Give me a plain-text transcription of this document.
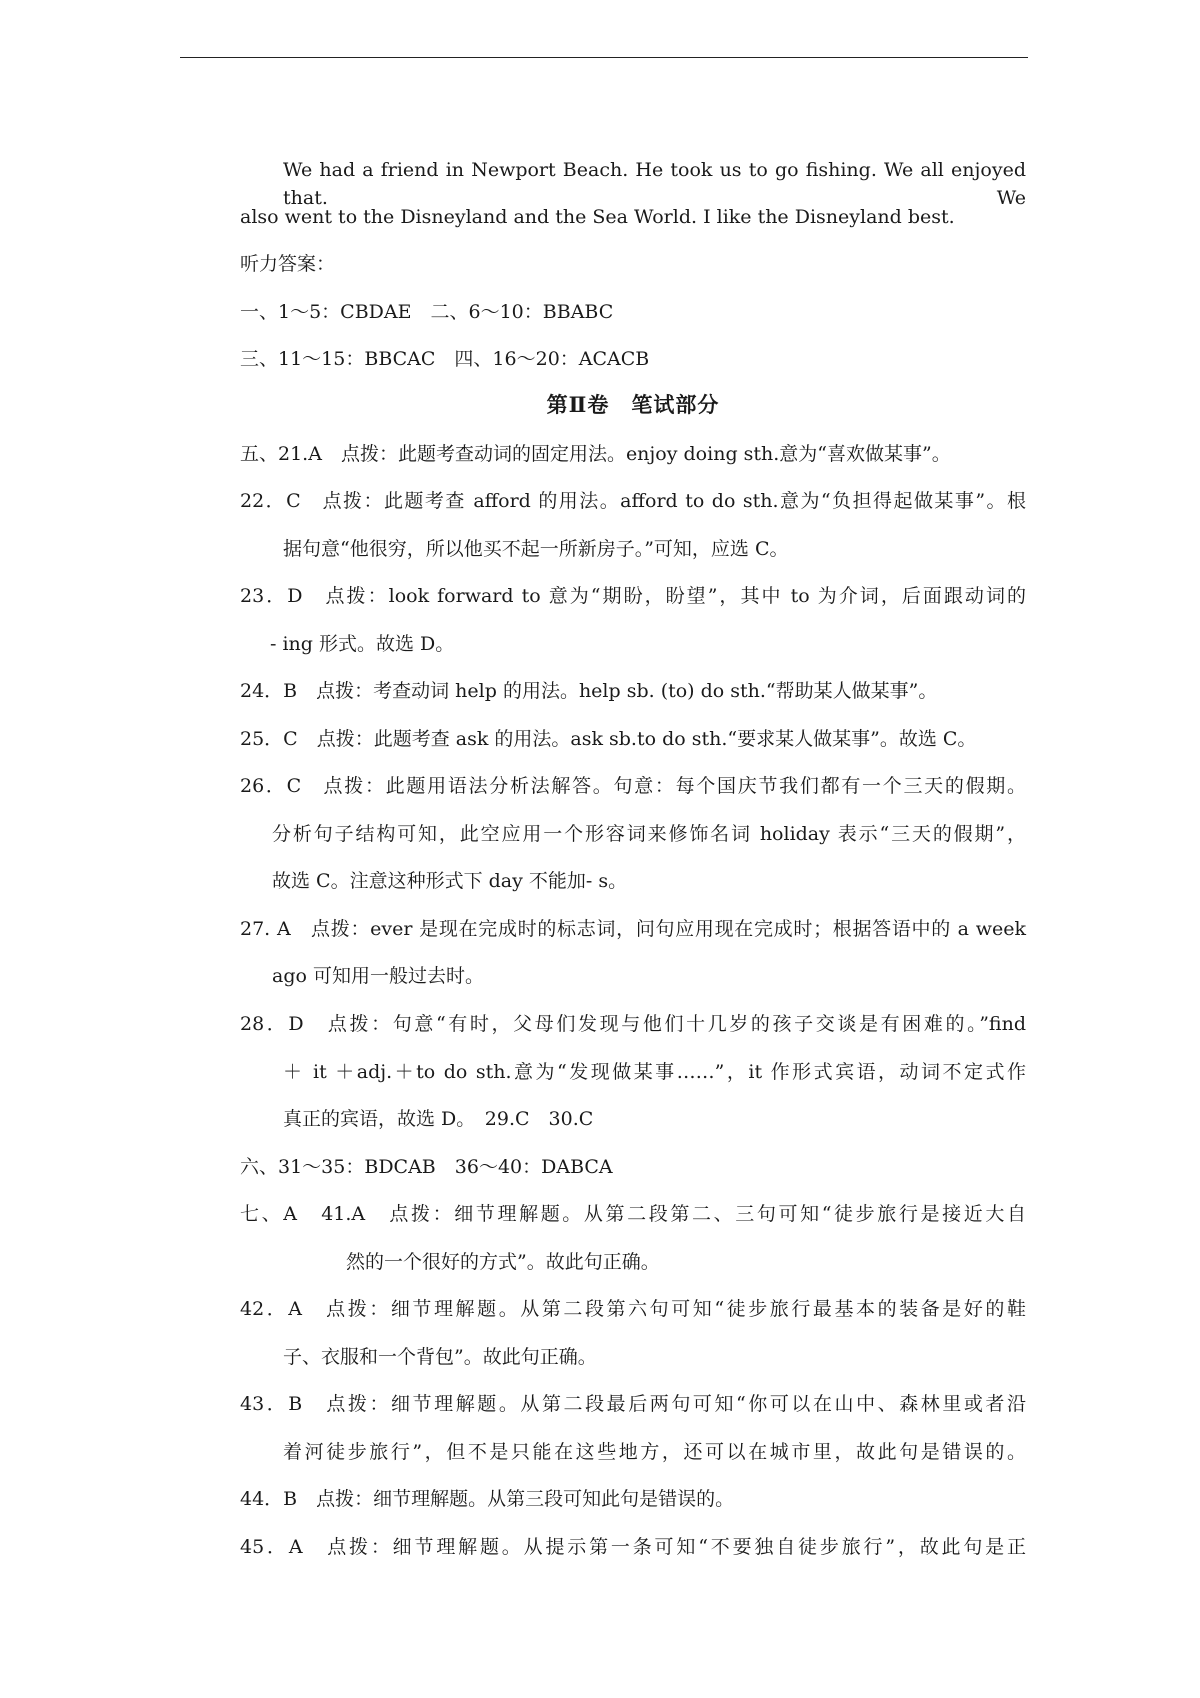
We had a friend in Newport Beach. He took us to go fishing. We all enjoyed that. We
also went to the Disneyland and the Sea World. I like the Disneyland best.
听力答案：
一、1～5：CBDAE　二、6～10：BBABC
三、11～15：BBCAC　四、16～20：ACACB
第Ⅱ卷　笔试部分
五、21.A　点拨：此题考查动词的固定用法。enjoy doing sth.意为“喜欢做某事”。
22．C　点拨：此题考查 afford 的用法。afford to do sth.意为“负担得起做某事”。根
据句意“他很穷，所以他买不起一所新房子。”可知，应选 C。
23．D　点拨：look forward to 意为“期盼，盼望”，其中 to 为介词，后面跟动词的
- ing 形式。故选 D。
24．B　点拨：考查动词 help 的用法。help sb. (to) do sth.“帮助某人做某事”。
25．C　点拨：此题考查 ask 的用法。ask sb.to do sth.“要求某人做某事”。故选 C。
26．C　点拨：此题用语法分析法解答。句意：每个国庆节我们都有一个三天的假期。
分析句子结构可知，此空应用一个形容词来修饰名词 holiday 表示“三天的假期”，
故选 C。注意这种形式下 day 不能加- s。
27. A　点拨：ever 是现在完成时的标志词，问句应用现在完成时；根据答语中的 a week
ago 可知用一般过去时。
28．D　点拨：句意“有时，父母们发现与他们十几岁的孩子交谈是有困难的。”find
＋ it ＋adj.＋to do sth.意为“发现做某事……”，it 作形式宾语，动词不定式作
真正的宾语，故选 D。　29.C　30.C
六、31～35：BDCAB　36～40：DABCA
七、A　41.A　点拨：细节理解题。从第二段第二、三句可知“徒步旅行是接近大自
然的一个很好的方式”。故此句正确。
42．A　点拨：细节理解题。从第二段第六句可知“徒步旅行最基本的装备是好的鞋
子、衣服和一个背包”。故此句正确。
43．B　点拨：细节理解题。从第二段最后两句可知“你可以在山中、森林里或者沿
着河徒步旅行”，但不是只能在这些地方，还可以在城市里，故此句是错误的。
44．B　点拨：细节理解题。从第三段可知此句是错误的。
45．A　点拨：细节理解题。从提示第一条可知“不要独自徒步旅行”，故此句是正
